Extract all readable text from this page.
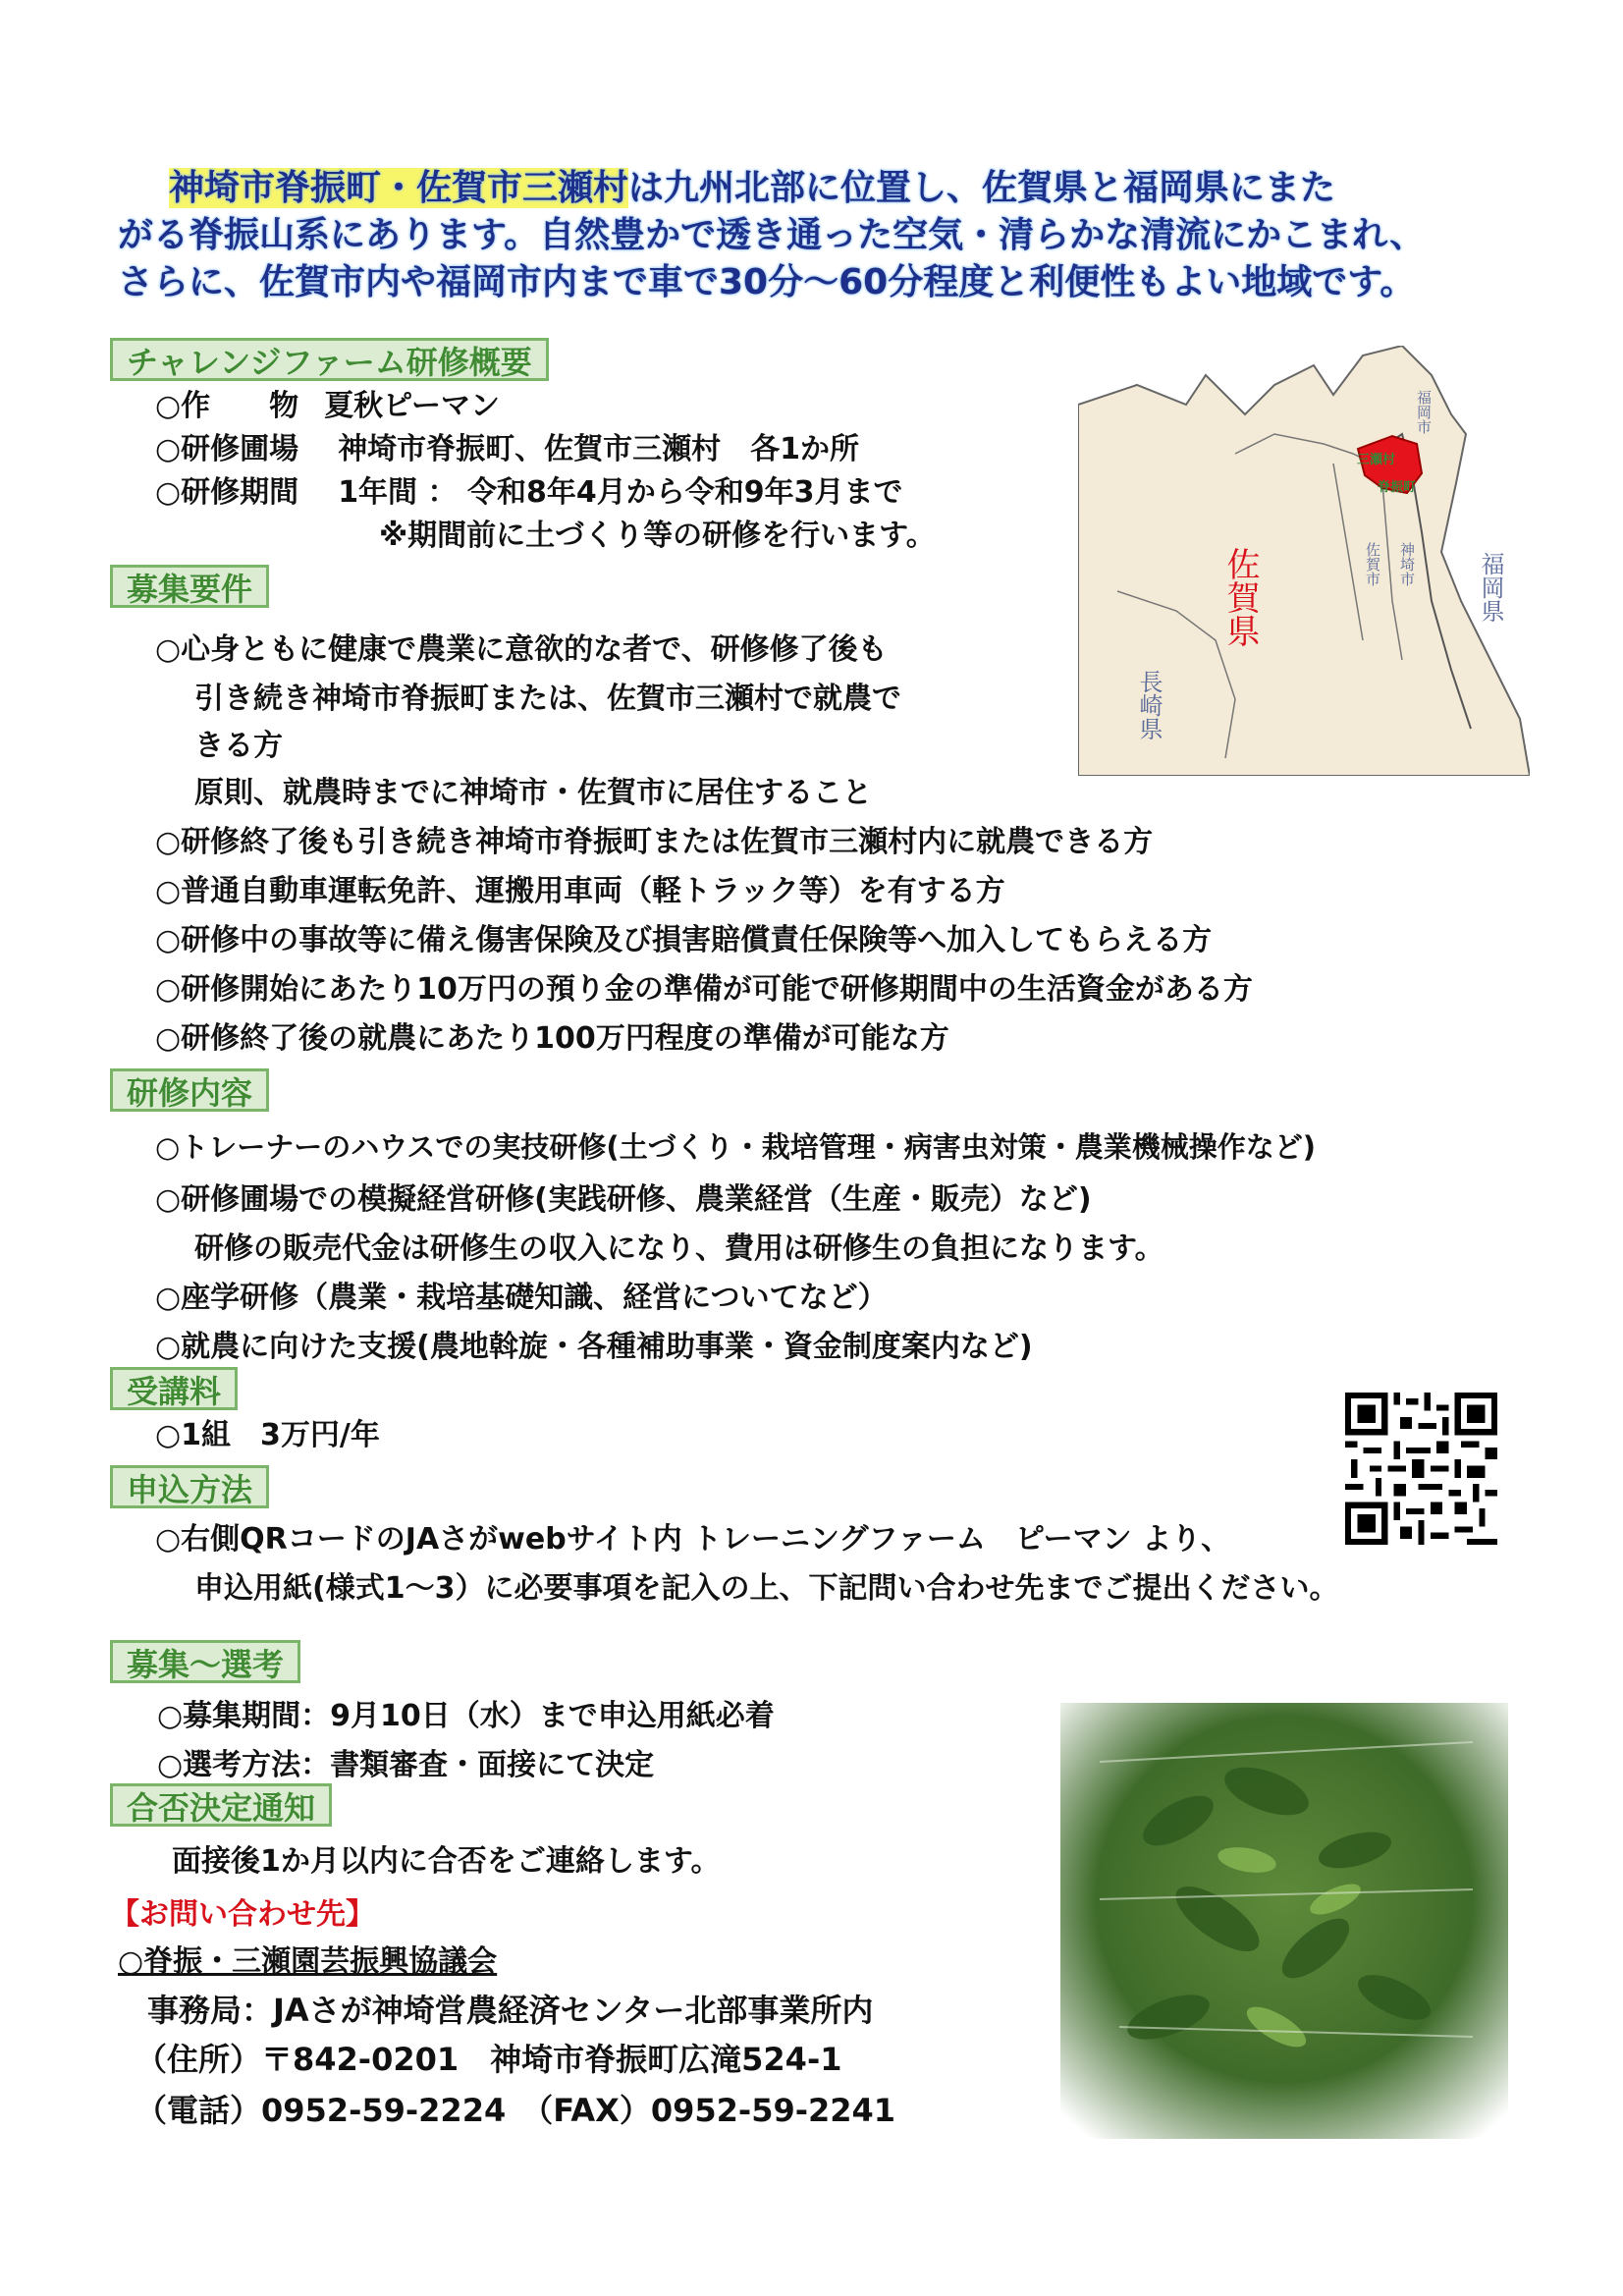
神埼市脊振町・佐賀市三瀬村は九州北部に位置し、佐賀県と福岡県にまた
がる脊振山系にあります。自然豊かで透き通った空気・清らかな清流にかこまれ、
さらに、佐賀市内や福岡市内まで車で30分～60分程度と利便性もよい地域です。
チャレンジファーム研修概要
○作　　物 夏秋ピーマン
○研修圃場 神埼市脊振町、佐賀市三瀬村　各1か所
○研修期間 1年間 ： 令和8年4月から令和9年3月まで
※期間前に土づくり等の研修を行います。
三瀬村
脊振町
佐賀県	佐賀市 神埼市
福岡市
福岡県
長崎県
募集要件
○心身ともに健康で農業に意欲的な者で、研修修了後も
引き続き神埼市脊振町または、佐賀市三瀬村で就農で
きる方
原則、就農時までに神埼市・佐賀市に居住すること
○研修終了後も引き続き神埼市脊振町または佐賀市三瀬村内に就農できる方
○普通自動車運転免許、運搬用車両（軽トラック等）を有する方
○研修中の事故等に備え傷害保険及び損害賠償責任保険等へ加入してもらえる方
○研修開始にあたり10万円の預り金の準備が可能で研修期間中の生活資金がある方
○研修終了後の就農にあたり100万円程度の準備が可能な方
研修内容
○トレーナーのハウスでの実技研修(土づくり・栽培管理・病害虫対策・農業機械操作など)
○研修圃場での模擬経営研修(実践研修、農業経営（生産・販売）など)
研修の販売代金は研修生の収入になり、費用は研修生の負担になります。
○座学研修（農業・栽培基礎知識、経営についてなど）
○就農に向けた支援(農地斡旋・各種補助事業・資金制度案内など)
受講料
○1組　3万円/年
申込方法
○右側QRコードのJAさがwebサイト内 トレーニングファーム　ピーマン より、
申込用紙(様式1～3）に必要事項を記入の上、下記問い合わせ先までご提出ください。
募集～選考
○募集期間：9月10日（水）まで申込用紙必着
○選考方法：書類審査・面接にて決定
合否決定通知
面接後1か月以内に合否をご連絡します。
【お問い合わせ先】
○脊振・三瀬園芸振興協議会
事務局：JAさが神埼営農経済センター北部事業所内
（住所）〒842-0201　神埼市脊振町広滝524-1
（電話）0952-59-2224　（FAX）0952-59-2241
